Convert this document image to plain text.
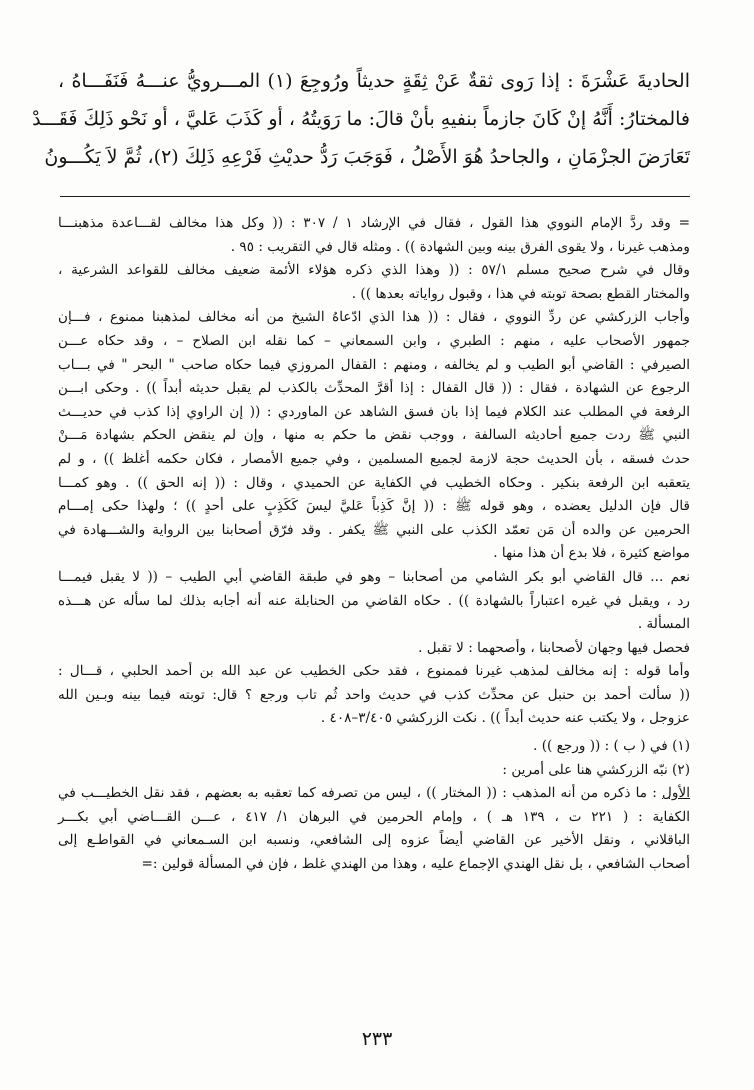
الحاديةَ عَشْرَةَ : إذا رَوى ثقةٌ عَنْ ثِقَةٍ حديثاً ورُوجِعَ (١) المـــرويُّ عنـــهُ فَنَفَـــاهُ ،
فالمختارُ: أَنَّهُ إنْ كَانَ جازماً بنفيهِ بأنْ قالَ: ما رَوَيتُهُ ، أو كَذَبَ عَليَّ ، أو نَحْو ذَلِكَ فَقَـــدْ
تَعَارَضَ الجزْمَانِ ، والجاحدُ هُوَ الأَصْلُ ، فَوَجَبَ رَدُّ حديْثِ فَرْعِهِ ذَلِكَ (٢)، ثُمَّ لاَ يَكُـــونُ
= وقد ردَّ الإمام النووي هذا القول ، فقال في الإرشاد ١ / ٣٠٧ : (( وكل هذا مخالف لقـــاعدة مذهبنـــا
ومذهب غيرنا ، ولا يقوى الفرق بينه وبين الشهادة )) . ومثله قال في التقريب : ٩٥ .
وقال في شرح صحيح مسلم ٥٧/١ : (( وهذا الذي ذكره هؤلاء الأئمة ضعيف مخالف للقواعد الشرعية ،
والمختار القطع بصحة توبته في هذا ، وقبول رواياته بعدها )) .
وأجاب الزركشي عن ردِّ النووي ، فقال : (( هذا الذي ادّعاهُ الشيخ من أنه مخالف لمذهبنا ممنوع ، فـــإن
جمهور الأصحاب عليه ، منهم : الطبري ، وابن السمعاني – كما نقله ابن الصلاح – ، وقد حكاه عـــن
الصيرفي : القاضي أبو الطيب و لم يخالفه ، ومنهم : القفال المروزي فيما حكاه صاحب " البحر " في بـــاب
الرجوع عن الشهادة ، فقال : (( قال القفال : إذا أقرَّ المحدِّث بالكذب لم يقبل حديثه أبداً )) . وحكى ابـــن
الرفعة في المطلب عند الكلام فيما إذا بان فسق الشاهد عن الماوردي : (( إن الراوي إذا كذب في حديـــث
النبي ﷺ ردت جميع أحاديثه السالفة ، ووجب نقض ما حكم به منها ، وإن لم ينقض الحكم بشهادة مَـــنْ
حدث فسقه ، بأن الحديث حجة لازمة لجميع المسلمين ، وفي جميع الأمصار ، فكان حكمه أغلظ )) ، و لم
يتعقبه ابن الرفعة بنكير . وحكاه الخطيب في الكفاية عن الحميدي ، وقال : (( إنه الحق )) . وهو كمـــا
قال فإن الدليل يعضده ، وهو قوله ﷺ : (( إنَّ كَذِباً عَليَّ ليسَ كَكَذِبٍ على أحدٍ )) ؛ ولهذا حكى إمـــام
الحرمين عن والده أن مَن تعمّد الكذب على النبي ﷺ يكفر . وقد فرّق أصحابنا بين الرواية والشـــهادة في
مواضع كثيرة ، فلا بدع أن هذا منها .
نعم ... قال القاضي أبو بكر الشامي من أصحابنا – وهو في طبقة القاضي أبي الطيب – (( لا يقبل فيمـــا
رد ، ويقبل في غيره اعتباراً بالشهادة )) . حكاه القاضي من الحنابلة عنه أنه أجابه بذلك لما سأله عن هـــذه
المسألة .
فحصل فيها وجهان لأصحابنا ، وأصحهما : لا تقبل .
وأما قوله : إنه مخالف لمذهب غيرنا فممنوع ، فقد حكى الخطيب عن عبد الله بن أحمد الحلبي ، قـــال :
(( سألت أحمد بن حنبل عن محدِّث كذب في حديث واحد ثُم تاب ورجع ؟ قال: توبته فيما بينه وبـين الله
عزوجل ، ولا يكتب عنه حديث أبداً )) . نكت الزركشي ٣/٤٠٥–٤٠٨ .
(١) في ( ب ) : (( ورجع )) .
(٢) نبّه الزركشي هنا على أمرين :
الأول : ما ذكره من أنه المذهب : (( المختار )) ، ليس من تصرفه كما تعقبه به بعضهم ، فقد نقل الخطيـــب في
الكفاية : ( ٢٢١ ت ، ١٣٩ هـ ) ، وإمام الحرمين في البرهان ١/ ٤١٧ ، عـــن القـــاضي أبي بكـــر
الباقلاني ، ونقل الأخير عن القاضي أيضاً عزوه إلى الشافعي، ونسبه ابن السـمعاني في القواطـع إلى
أصحاب الشافعي ، بل نقل الهندي الإجماع عليه ، وهذا من الهندي غلط ، فإن في المسألة قولين :=
٢٣٣
